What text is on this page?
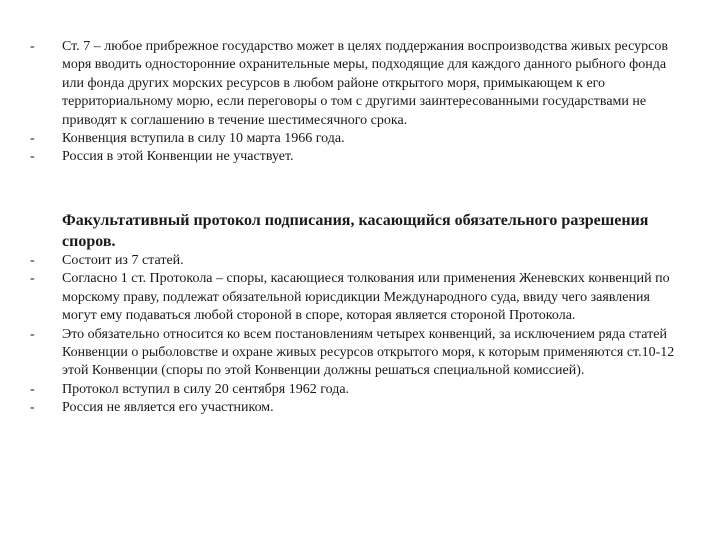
- Ст. 7 – любое прибрежное государство может в целях поддержания воспроизводства живых ресурсов моря вводить односторонние охранительные меры, подходящие для каждого данного рыбного фонда или фонда других морских ресурсов в любом районе открытого моря, примыкающем к его территориальному морю, если переговоры о том с другими заинтересованными государствами не приводят к соглашению в течение шестимесячного срока.
- Конвенция вступила в силу 10 марта 1966 года.
- Россия в этой Конвенции не участвует.
Факультативный протокол подписания, касающийся обязательного разрешения споров.
- Состоит из 7 статей.
- Согласно 1 ст. Протокола – споры, касающиеся толкования или применения Женевских конвенций по морскому праву, подлежат обязательной юрисдикции Международного суда, ввиду чего заявления могут ему подаваться любой стороной в споре, которая является стороной Протокола.
- Это обязательно относится ко всем постановлениям четырех конвенций, за исключением ряда статей Конвенции о рыболовстве и охране живых ресурсов открытого моря, к которым применяются ст.10-12 этой Конвенции (споры по этой Конвенции должны решаться специальной комиссией).
- Протокол вступил в силу 20 сентября 1962 года.
- Россия не является его участником.
